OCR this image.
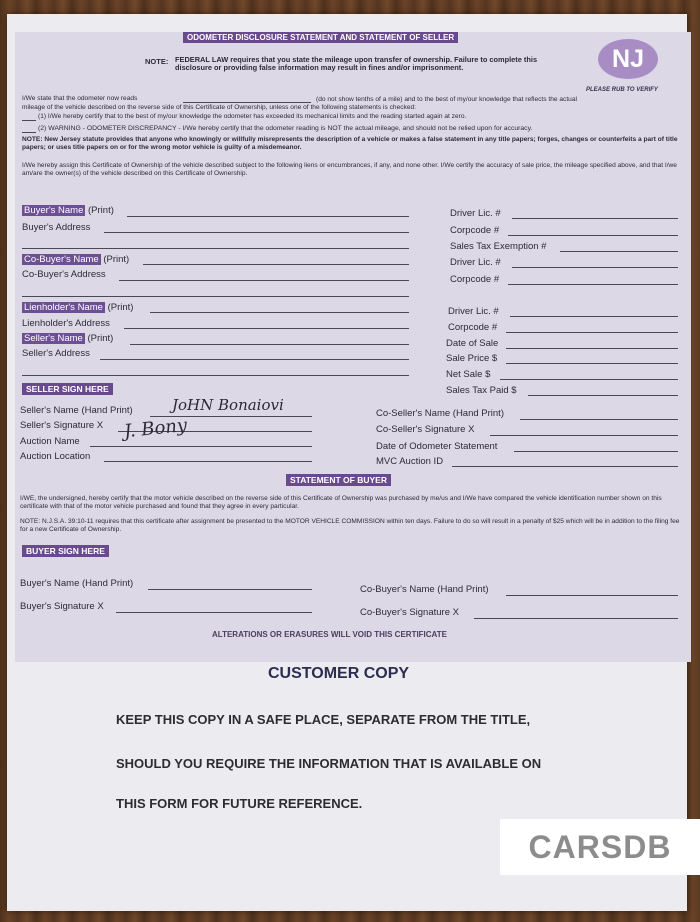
ODOMETER DISCLOSURE STATEMENT AND STATEMENT OF SELLER
NOTE: FEDERAL LAW requires that you state the mileage upon transfer of ownership. Failure to complete this disclosure or providing false information may result in fines and/or imprisonment.	NJ
PLEASE RUB TO VERIFY
I/We state that the odometer now reads	(do not show tenths of a mile) and to the best of my/our knowledge that reflects the actual
mileage of the vehicle described on the reverse side of this Certificate of Ownership, unless one of the following statements is checked:
(1) I/We hereby certify that to the best of my/our knowledge the odometer has exceeded its mechanical limits and the reading started again at zero.
(2) WARNING - ODOMETER DISCREPANCY - I/We hereby certify that the odometer reading is NOT the actual mileage, and should not be relied upon for accuracy.
NOTE: New Jersey statute provides that anyone who knowingly or willfully misrepresents the description of a vehicle or makes a false statement in any title papers; forges, changes or counterfeits a part of title papers; or uses title papers on or for the wrong motor vehicle is guilty of a misdemeanor.
I/We hereby assign this Certificate of Ownership of the vehicle described subject to the following liens or encumbrances, if any, and none other. I/We certify the accuracy of sale price, the mileage specified above, and that I/we am/are the owner(s) of the vehicle described on this Certificate of Ownership.
Buyer's Name (Print)
Buyer's Address
Co-Buyer's Name (Print)
Co-Buyer's Address
Lienholder's Name (Print)
Lienholder's Address
Seller's Name (Print)
Seller's Address
Driver Lic. #
Corpcode #
Sales Tax Exemption #
Driver Lic. #
Corpcode #
Driver Lic. #
Corpcode #
Date of Sale
Sale Price $
Net Sale $
Sales Tax Paid $
SELLER SIGN HERE
Seller's Name (Hand Print)	JoHN Bonaiovi
Seller's Signature X J. Bony
Auction Name
Auction Location
Co-Seller's Name (Hand Print)
Co-Seller's Signature X
Date of Odometer Statement
MVC Auction ID
STATEMENT OF BUYER
I/WE, the undersigned, hereby certify that the motor vehicle described on the reverse side of this Certificate of Ownership was purchased by me/us and I/We have compared the vehicle identification number shown on this certificate with that of the motor vehicle purchased and found that they agree in every particular.
NOTE: N.J.S.A. 39:10-11 requires that this certificate after assignment be presented to the MOTOR VEHICLE COMMISSION within ten days. Failure to do so will result in a penalty of $25 which will be in addition to the filing fee for a new Certificate of Ownership.
BUYER SIGN HERE
Buyer's Name (Hand Print)
Buyer's Signature X
Co-Buyer's Name (Hand Print)
Co-Buyer's Signature X
ALTERATIONS OR ERASURES WILL VOID THIS CERTIFICATE
CUSTOMER COPY
KEEP THIS COPY IN A SAFE PLACE, SEPARATE FROM THE TITLE,
SHOULD YOU REQUIRE THE INFORMATION THAT IS AVAILABLE ON
THIS FORM FOR FUTURE REFERENCE.
CARSDB
